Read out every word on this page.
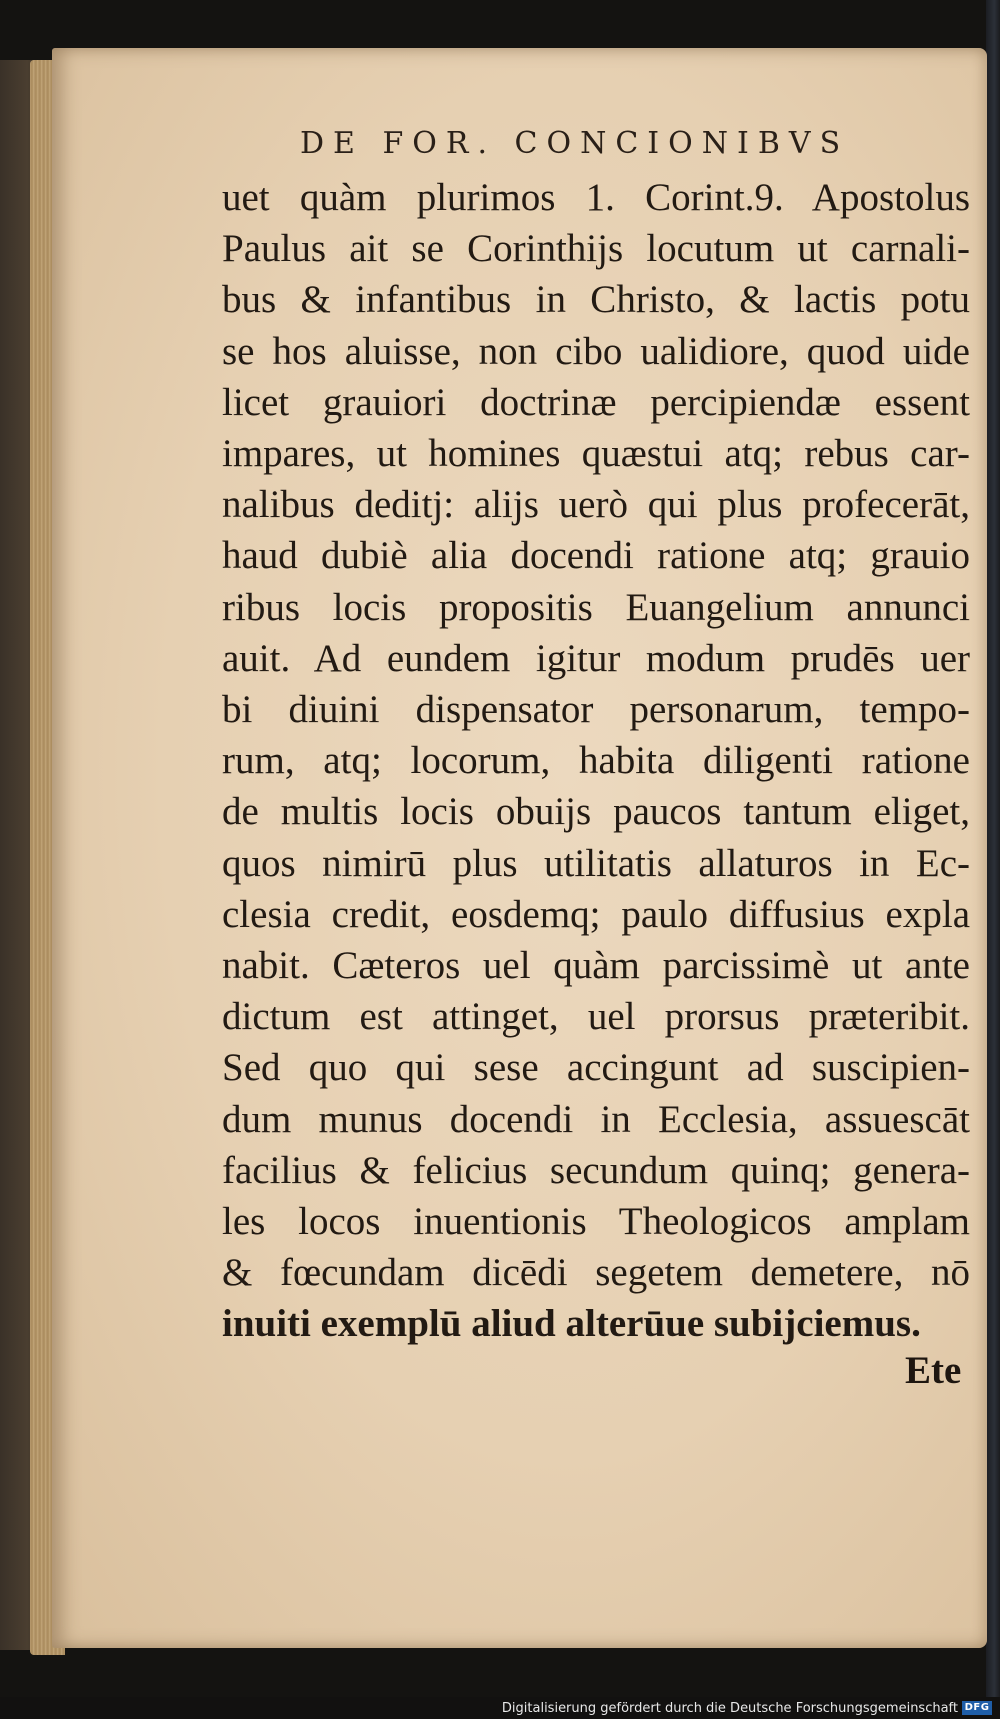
DE FOR. CONCIONIBVS
uet quàm plurimos 1. Corint.9. Apostolus
Paulus ait se Corinthijs locutum ut carnali-
bus & infantibus in Christo, & lactis potu
se hos aluisse, non cibo ualidiore, quod uide
licet grauiori doctrinæ percipiendæ essent
impares, ut homines quæstui atq; rebus car-
nalibus deditj: alijs uerò qui plus profecerāt,
haud dubiè alia docendi ratione atq; grauio
ribus locis propositis Euangelium annunci
auit. Ad eundem igitur modum prudēs uer
bi diuini dispensator personarum, tempo-
rum, atq; locorum, habita diligenti ratione
de multis locis obuijs paucos tantum eliget,
quos nimirū plus utilitatis allaturos in Ec-
clesia credit, eosdemq; paulo diffusius expla
nabit. Cæteros uel quàm parcissimè ut ante
dictum est attinget, uel prorsus præteribit.
Sed quo qui sese accingunt ad suscipien-
dum munus docendi in Ecclesia, assuescāt
facilius & felicius secundum quinq; genera-
les locos inuentionis Theologicos amplam
& fœcundam dicēdi segetem demetere, nō
inuiti exemplū aliud alterūue subijciemus.
Ete
Digitalisierung gefördert durch die Deutsche Forschungsgemeinschaft DFG
